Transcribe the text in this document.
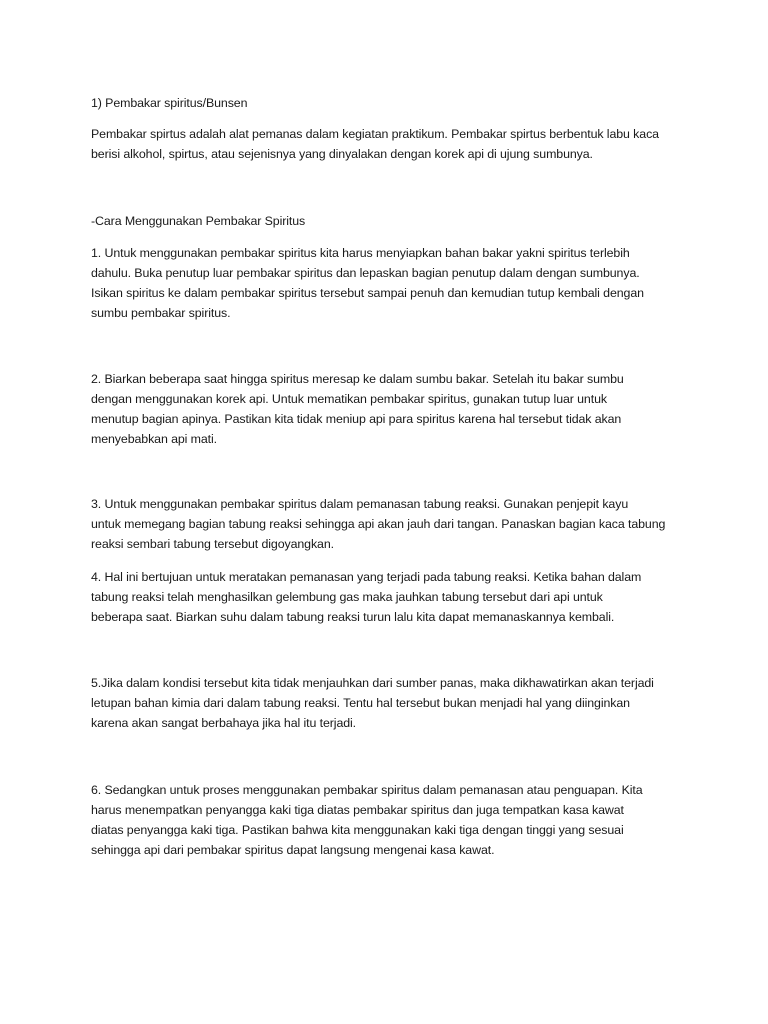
1) Pembakar spiritus/Bunsen
Pembakar spirtus adalah alat pemanas dalam kegiatan praktikum. Pembakar spirtus berbentuk labu kaca
berisi alkohol, spirtus, atau sejenisnya yang dinyalakan dengan korek api di ujung sumbunya.
-Cara Menggunakan Pembakar Spiritus
1. Untuk menggunakan pembakar spiritus kita harus menyiapkan bahan bakar yakni spiritus terlebih
dahulu. Buka penutup luar pembakar spiritus dan lepaskan bagian penutup dalam dengan sumbunya.
Isikan spiritus ke dalam pembakar spiritus tersebut sampai penuh dan kemudian tutup kembali dengan
sumbu pembakar spiritus.
2. Biarkan beberapa saat hingga spiritus meresap ke dalam sumbu bakar. Setelah itu bakar sumbu
dengan menggunakan korek api. Untuk mematikan pembakar spiritus, gunakan tutup luar untuk
menutup bagian apinya. Pastikan kita tidak meniup api para spiritus karena hal tersebut tidak akan
menyebabkan api mati.
3. Untuk menggunakan pembakar spiritus dalam pemanasan tabung reaksi. Gunakan penjepit kayu
untuk memegang bagian tabung reaksi sehingga api akan jauh dari tangan. Panaskan bagian kaca tabung
reaksi sembari tabung tersebut digoyangkan.
4. Hal ini bertujuan untuk meratakan pemanasan yang terjadi pada tabung reaksi. Ketika bahan dalam
tabung reaksi telah menghasilkan gelembung gas maka jauhkan tabung tersebut dari api untuk
beberapa saat. Biarkan suhu dalam tabung reaksi turun lalu kita dapat memanaskannya kembali.
5.Jika dalam kondisi tersebut kita tidak menjauhkan dari sumber panas, maka dikhawatirkan akan terjadi
letupan bahan kimia dari dalam tabung reaksi. Tentu hal tersebut bukan menjadi hal yang diinginkan
karena akan sangat berbahaya jika hal itu terjadi.
6. Sedangkan untuk proses menggunakan pembakar spiritus dalam pemanasan atau penguapan. Kita
harus menempatkan penyangga kaki tiga diatas pembakar spiritus dan juga tempatkan kasa kawat
diatas penyangga kaki tiga. Pastikan bahwa kita menggunakan kaki tiga dengan tinggi yang sesuai
sehingga api dari pembakar spiritus dapat langsung mengenai kasa kawat.
